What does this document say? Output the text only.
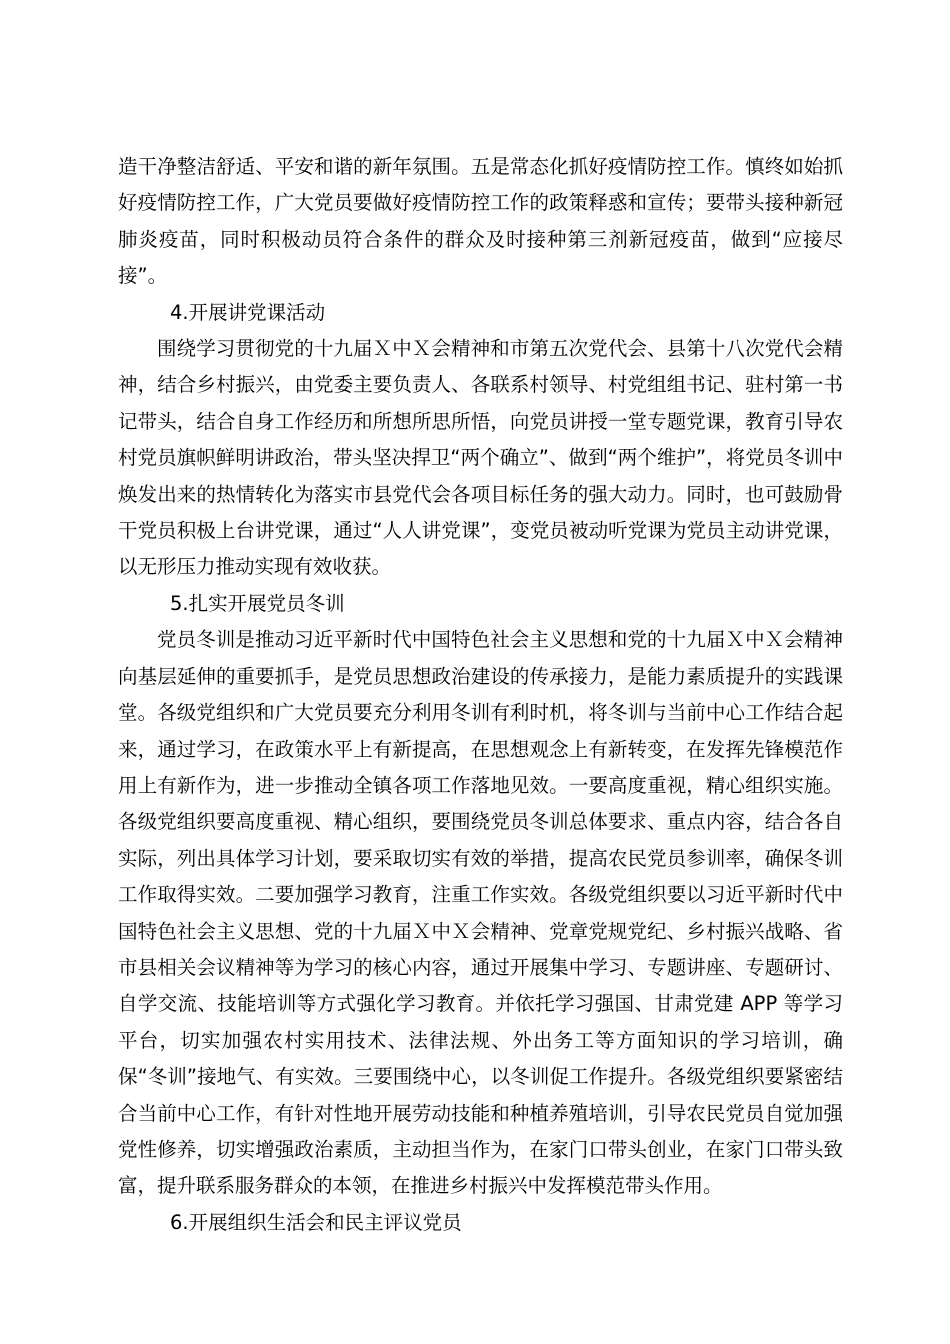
造干净整洁舒适、平安和谐的新年氛围。五是常态化抓好疫情防控工作。慎终如始抓好疫情防控工作，广大党员要做好疫情防控工作的政策释惑和宣传；要带头接种新冠肺炎疫苗，同时积极动员符合条件的群众及时接种第三剂新冠疫苗，做到“应接尽接”。

4.开展讲党课活动

围绕学习贯彻党的十九届Ｘ中Ｘ会精神和市第五次党代会、县第十八次党代会精神，结合乡村振兴，由党委主要负责人、各联系村领导、村党组组书记、驻村第一书记带头，结合自身工作经历和所想所思所悟，向党员讲授一堂专题党课，教育引导农村党员旗帜鲜明讲政治，带头坚决捍卫“两个确立”、做到“两个维护”，将党员冬训中焕发出来的热情转化为落实市县党代会各项目标任务的强大动力。同时，也可鼓励骨干党员积极上台讲党课，通过“人人讲党课”，变党员被动听党课为党员主动讲党课，以无形压力推动实现有效收获。

5.扎实开展党员冬训

党员冬训是推动习近平新时代中国特色社会主义思想和党的十九届Ｘ中Ｘ会精神向基层延伸的重要抓手，是党员思想政治建设的传承接力，是能力素质提升的实践课堂。各级党组织和广大党员要充分利用冬训有利时机，将冬训与当前中心工作结合起来，通过学习，在政策水平上有新提高，在思想观念上有新转变，在发挥先锋模范作用上有新作为，进一步推动全镇各项工作落地见效。一要高度重视，精心组织实施。各级党组织要高度重视、精心组织，要围绕党员冬训总体要求、重点内容，结合各自实际，列出具体学习计划，要采取切实有效的举措，提高农民党员参训率，确保冬训工作取得实效。二要加强学习教育，注重工作实效。各级党组织要以习近平新时代中国特色社会主义思想、党的十九届Ｘ中Ｘ会精神、党章党规党纪、乡村振兴战略、省市县相关会议精神等为学习的核心内容，通过开展集中学习、专题讲座、专题研讨、自学交流、技能培训等方式强化学习教育。并依托学习强国、甘肃党建 APP 等学习平台，切实加强农村实用技术、法律法规、外出务工等方面知识的学习培训，确保“冬训”接地气、有实效。三要围绕中心，以冬训促工作提升。各级党组织要紧密结合当前中心工作，有针对性地开展劳动技能和种植养殖培训，引导农民党员自觉加强党性修养，切实增强政治素质，主动担当作为，在家门口带头创业，在家门口带头致富，提升联系服务群众的本领，在推进乡村振兴中发挥模范带头作用。

6.开展组织生活会和民主评议党员
